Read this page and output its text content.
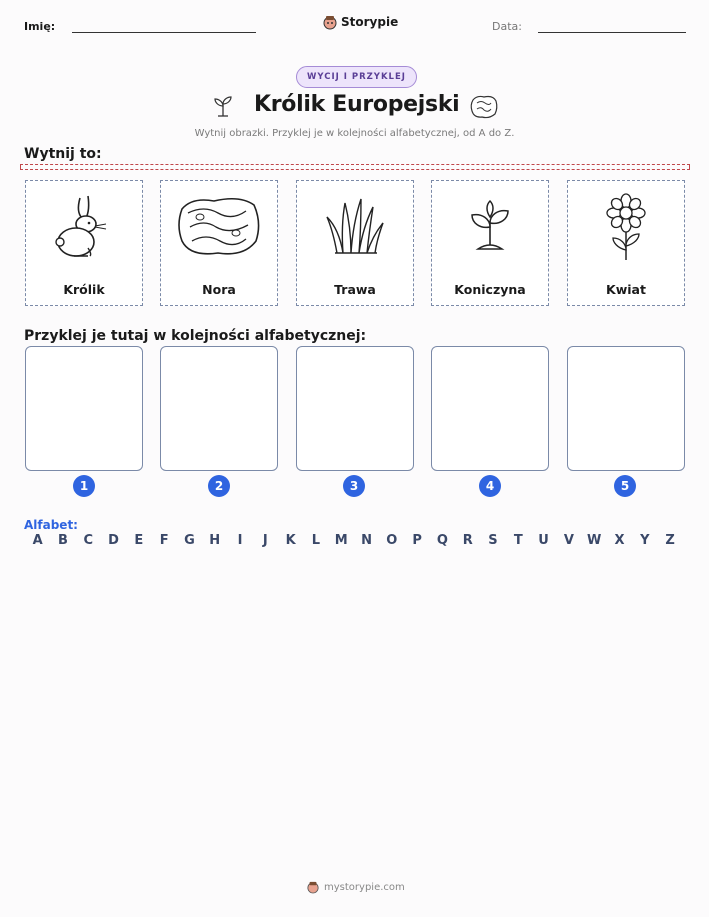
Imię:	Storypie	Data:
WYCIJ I PRZYKLEJ
Królik Europejski
Wytnij obrazki. Przyklej je w kolejności alfabetycznej, od A do Z.
Wytnij to:
Królik	Nora	Trawa	Koniczyna	Kwiat
Przyklej je tutaj w kolejności alfabetycznej:
1	2	3	4	5
Alfabet:
A	B	C	D	E	F	G	H	I	J	K	L	M	N	O	P	Q	R	S	T	U	V	W	X	Y	Z
mystorypie.com
